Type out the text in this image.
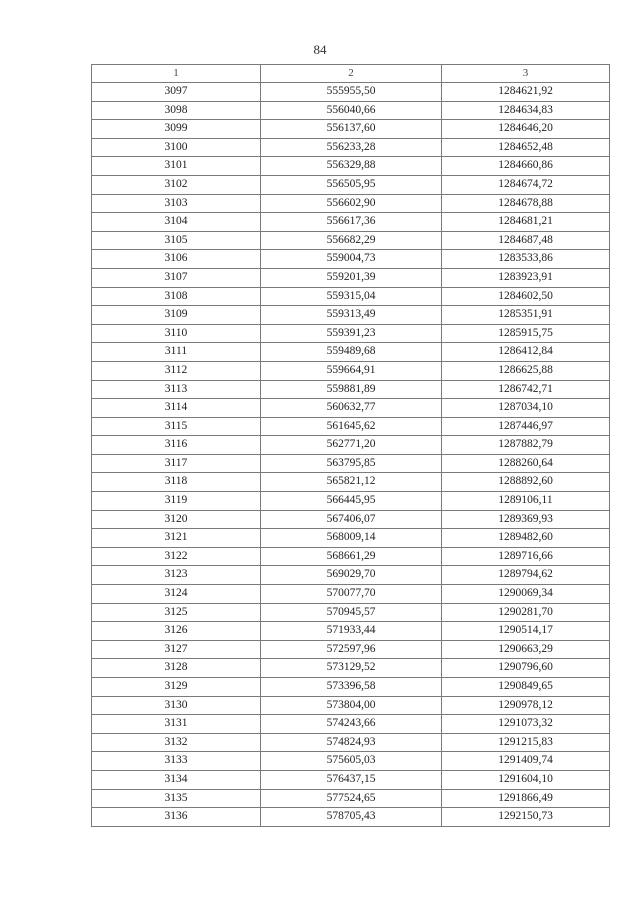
84
1	2	3
3097	555955,50	1284621,92
3098	556040,66	1284634,83
3099	556137,60	1284646,20
3100	556233,28	1284652,48
3101	556329,88	1284660,86
3102	556505,95	1284674,72
3103	556602,90	1284678,88
3104	556617,36	1284681,21
3105	556682,29	1284687,48
3106	559004,73	1283533,86
3107	559201,39	1283923,91
3108	559315,04	1284602,50
3109	559313,49	1285351,91
3110	559391,23	1285915,75
3111	559489,68	1286412,84
3112	559664,91	1286625,88
3113	559881,89	1286742,71
3114	560632,77	1287034,10
3115	561645,62	1287446,97
3116	562771,20	1287882,79
3117	563795,85	1288260,64
3118	565821,12	1288892,60
3119	566445,95	1289106,11
3120	567406,07	1289369,93
3121	568009,14	1289482,60
3122	568661,29	1289716,66
3123	569029,70	1289794,62
3124	570077,70	1290069,34
3125	570945,57	1290281,70
3126	571933,44	1290514,17
3127	572597,96	1290663,29
3128	573129,52	1290796,60
3129	573396,58	1290849,65
3130	573804,00	1290978,12
3131	574243,66	1291073,32
3132	574824,93	1291215,83
3133	575605,03	1291409,74
3134	576437,15	1291604,10
3135	577524,65	1291866,49
3136	578705,43	1292150,73
